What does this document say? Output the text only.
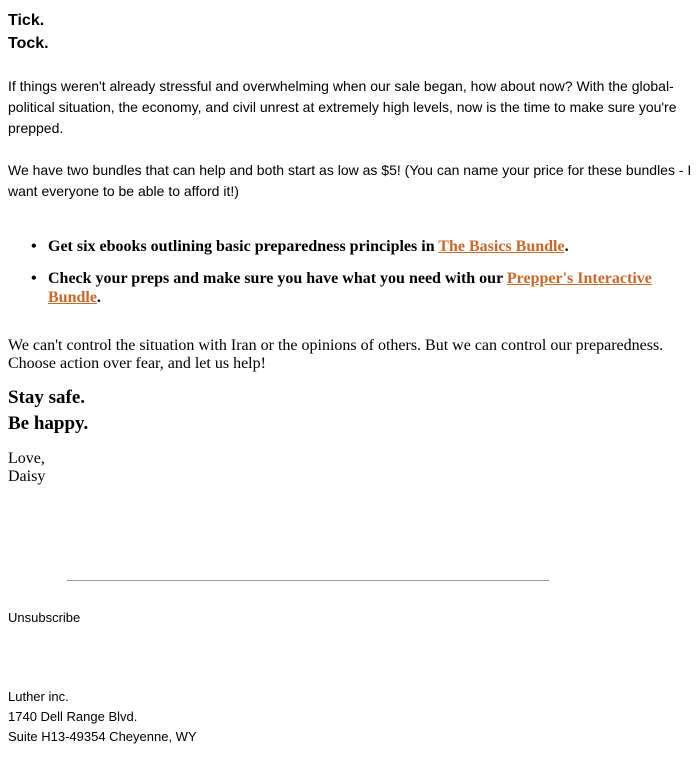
Tick.
Tock.

If things weren't already stressful and overwhelming when our sale began, how about now? With the global-political situation, the economy, and civil unrest at extremely high levels, now is the time to make sure you're prepped.

We have two bundles that can help and both start as low as $5! (You can name your price for these bundles - I want everyone to be able to afford it!)

• Get six ebooks outlining basic preparedness principles in The Basics Bundle.
• Check your preps and make sure you have what you need with our Prepper's Interactive Bundle.

We can't control the situation with Iran or the opinions of others. But we can control our preparedness. Choose action over fear, and let us help!

Stay safe.
Be happy.

Love,
Daisy

Unsubscribe
Luther inc.
1740 Dell Range Blvd.
Suite H13-49354 Cheyenne, WY
